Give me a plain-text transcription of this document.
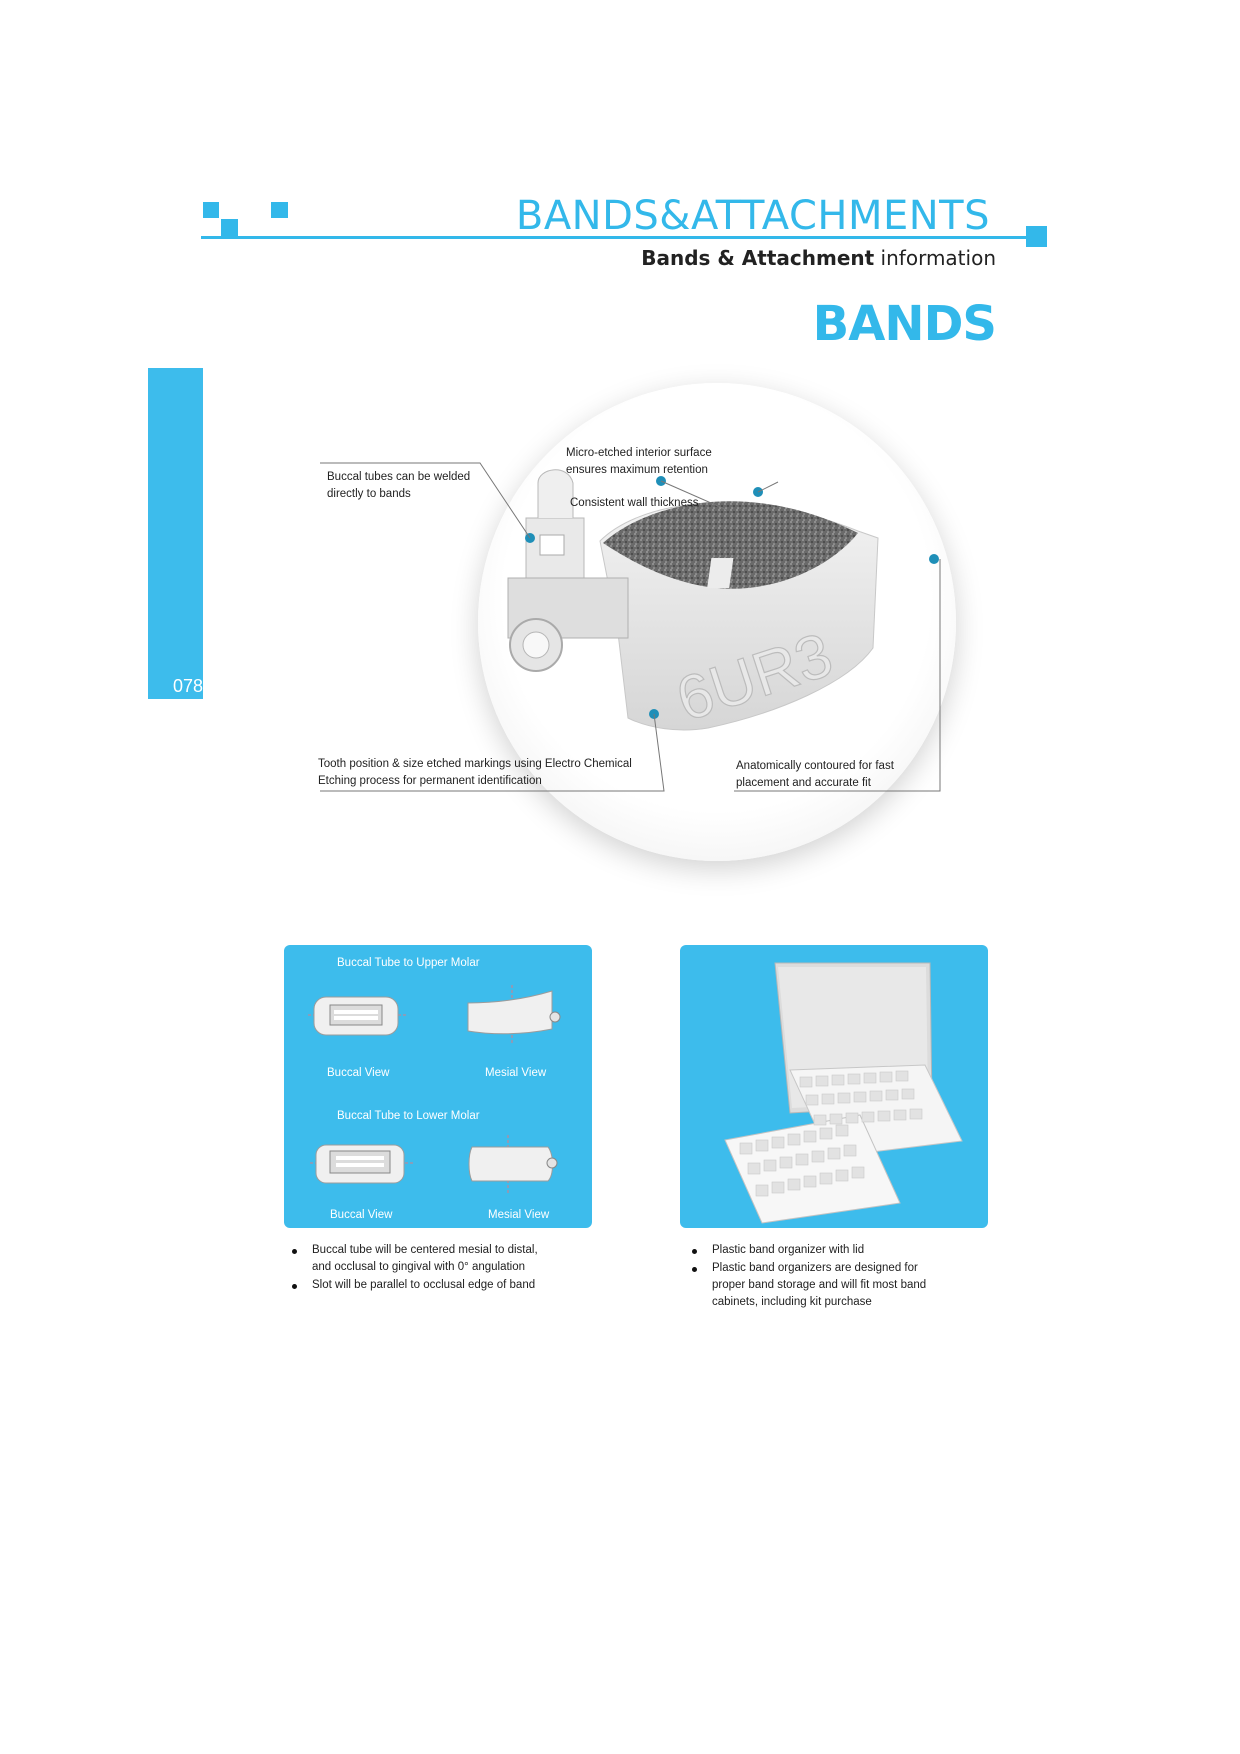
BANDS&ATTACHMENTS
Bands & Attachment information
BANDS
078	6UR3
Buccal tubes can be welded
directly to bands
Micro-etched interior surface
ensures maximum retention
Consistent wall thickness
Tooth position & size etched markings using Electro Chemical
Etching process for permanent identification
Anatomically contoured for fast
placement and accurate fit
Buccal Tube to Upper Molar
Buccal View	Mesial View
Buccal Tube to Lower Molar
Buccal View	Mesial View
Buccal tube will be centered mesial to distal,
and occlusal to gingival with 0° angulation
Slot will be parallel to occlusal edge of band
Plastic band organizer with lid
Plastic band organizers are designed for
proper band storage and will fit most band
cabinets, including kit purchase
